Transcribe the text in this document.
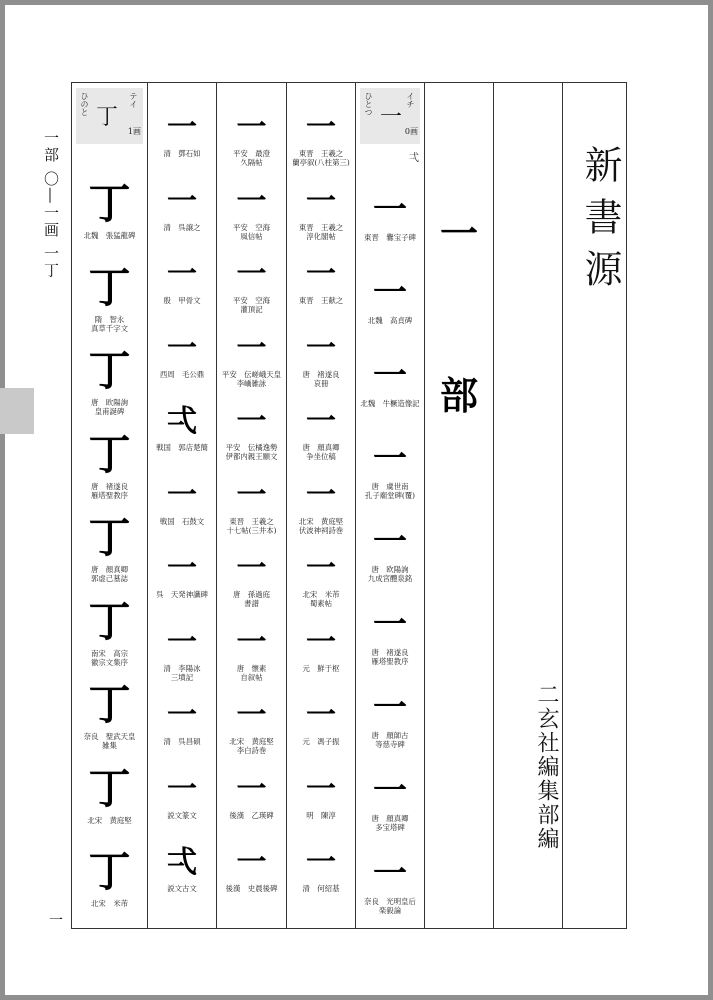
一部 〇―一画 一丁
一
丁
ひのと	テイ
1画
丁
北魏　張猛龍碑
丁
隋　智永
真草千字文
丁
唐　欧陽詢
皇甫誕碑
丁
唐　褚遂良
雁塔聖教序
丁
唐　顔真卿
郭虚己墓誌
丁
南宋　高宗
徽宗文集序
丁
奈良　聖武天皇
雑集
丁
北宋　黄庭堅
丁
北宋　米芾
一
清　鄧石如
一
清　呉譲之
一
殷　甲骨文
一
西周　毛公鼎
弌
戦国　郭店楚簡
一
戦国　石鼓文
一
呉　天発神讖碑
一
清　李陽冰
三墳記
一
清　呉昌碩
一
説文篆文
弌
説文古文
一
平安　最澄
久隔帖
一
平安　空海
風信帖
一
平安　空海
灌頂記
一
平安　伝嵯峨天皇
李嶠雑詠
一
平安　伝橘逸勢
伊都内親王願文
一
東晋　王羲之
十七帖(三井本)
一
唐　孫過庭
書譜
一
唐　懐素
自叙帖
一
北宋　黄庭堅
李白詩巻
一
後漢　乙瑛碑
一
後漢　史晨後碑
一
東晋　王羲之
蘭亭叙(八柱第三)
一
東晋　王羲之
淳化閣帖
一
東晋　王献之
一
唐　褚遂良
哀冊
一
唐　顔真卿
争坐位稿
一
北宋　黄庭堅
伏波神祠詩巻
一
北宋　米芾
蜀素帖
一
元　鮮于枢
一
元　馮子振
一
明　陳淳
一
清　何紹基
一
ひとつ	イチ
0画
弌
一
東晋　爨宝子碑
一
北魏　高貞碑
一
北魏　牛橛造像記
一
唐　虞世南
孔子廟堂碑(覆)
一
唐　欧陽詢
九成宮醴泉銘
一
唐　褚遂良
雁塔聖教序
一
唐　顔師古
等慈寺碑
一
唐　顔真卿
多宝塔碑
一
奈良　光明皇后
楽毅論
一
部
二玄社編集部編
新書源
